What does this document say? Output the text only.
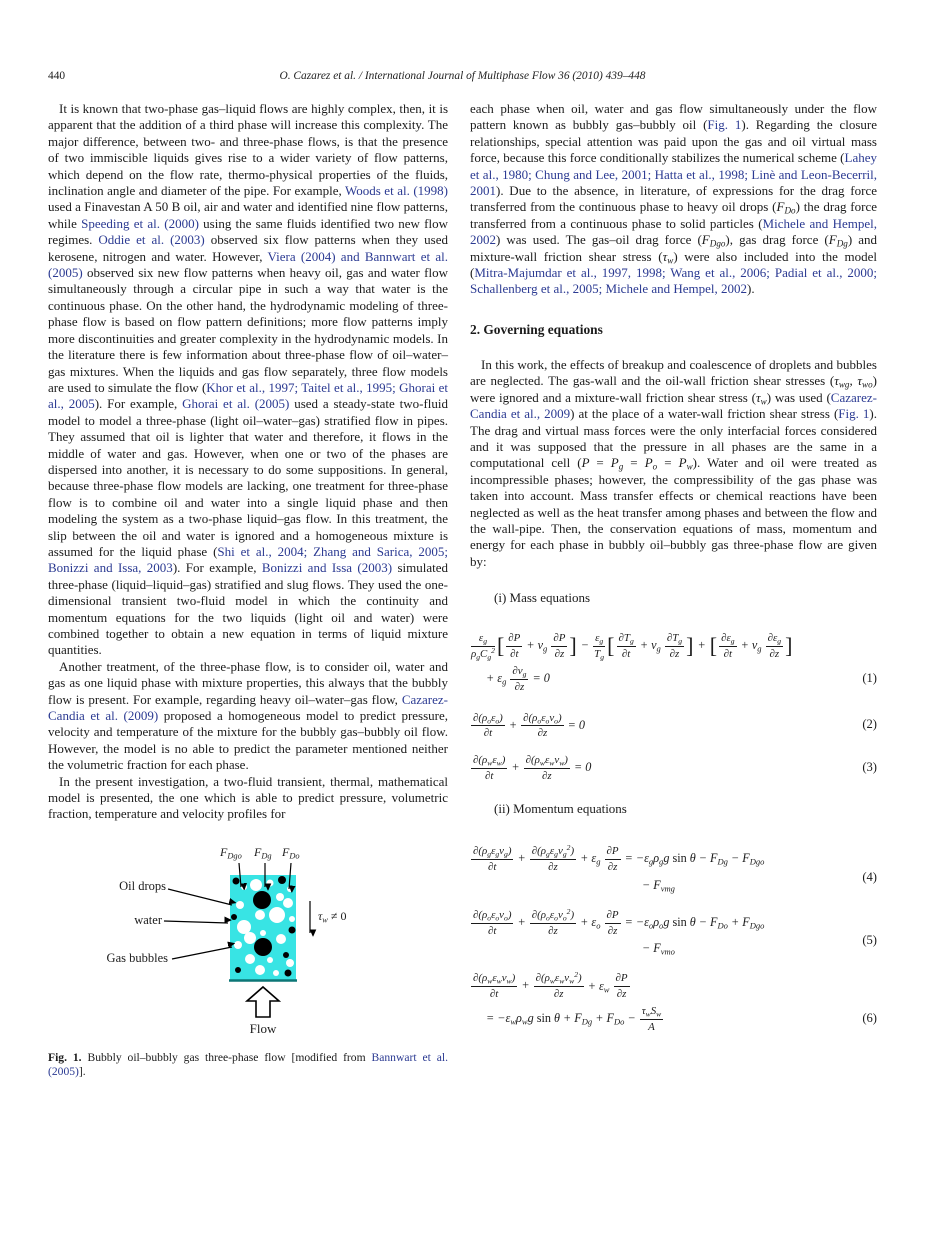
440	O. Cazarez et al. / International Journal of Multiphase Flow 36 (2010) 439–448

It is known that two-phase gas–liquid flows are highly complex, then, it is apparent that the addition of a third phase will increase this complexity. The major difference, between two- and three-phase flows, is that the presence of two immiscible liquids gives rise to a wider variety of flow patterns, which depend on the flow rate, thermo-physical properties of the fluids, inclination angle and diameter of the pipe. For example, Woods et al. (1998) used a Finavestan A 50 B oil, air and water and identified nine flow patterns, while Speeding et al. (2000) using the same fluids identified two new flow regimes. Oddie et al. (2003) observed six flow patterns when they used kerosene, nitrogen and water. However, Viera (2004) and Bannwart et al. (2005) observed six new flow patterns when heavy oil, gas and water flow simultaneously through a circular pipe in such a way that water is the continuous phase. On the other hand, the hydrodynamic modeling of three-phase flow is based on flow pattern definitions; more flow patterns imply more discontinuities and greater complexity in the hydrodynamic models. In the literature there is few information about three-phase flow of oil–water–gas mixtures. When the liquids and gas flow separately, three flow models are used to simulate the flow (Khor et al., 1997; Taitel et al., 1995; Ghorai et al., 2005). For example, Ghorai et al. (2005) used a steady-state two-fluid model to model a three-phase (light oil–water–gas) stratified flow in pipes. They assumed that oil is lighter that water and therefore, it flows in the middle of water and gas. However, when one or two of the phases are dispersed into another, it is necessary to do some suppositions. In general, because three-phase flow models are lacking, one treatment for three-phase flow is to combine oil and water into a single liquid phase and then modeling the system as a two-phase liquid–gas flow. In this treatment, the slip between the oil and water is ignored and a homogeneous mixture is assumed for the liquid phase (Shi et al., 2004; Zhang and Sarica, 2005; Bonizzi and Issa, 2003). For example, Bonizzi and Issa (2003) simulated three-phase (liquid–liquid–gas) stratified and slug flows. They used the one-dimensional transient two-fluid model in which the continuity and momentum equations for the two liquids (light oil and water) were combined together to obtain a new equation in terms of liquid mixture quantities.

Another treatment, of the three-phase flow, is to consider oil, water and gas as one liquid phase with mixture properties, this always that the bubbly flow is present. For example, regarding heavy oil–water–gas flow, Cazarez-Candia et al. (2009) proposed a homogeneous model to predict pressure, velocity and temperature of the mixture for the bubbly gas–bubbly oil flow. However, the model is no able to predict the parameter mentioned neither the volumetric fraction for each phase.

In the present investigation, a two-fluid transient, thermal, mathematical model is presented, the one which is able to predict pressure, volumetric fraction, temperature and velocity profiles for

$F_{Dgo}$ $F_{Dg}$ $F_{Do}$
$\tau_w \ne 0$
Oil drops
water
Gas bubbles
Flow
Fig. 1. Bubbly oil–bubbly gas three-phase flow [modified from Bannwart et al. (2005)].

each phase when oil, water and gas flow simultaneously under the flow pattern known as bubbly gas–bubbly oil (Fig. 1). Regarding the closure relationships, special attention was paid upon the gas and oil virtual mass force, because this force conditionally stabilizes the numerical scheme (Lahey et al., 1980; Chung and Lee, 2001; Hatta et al., 1998; Linè and Leon-Becerril, 2001). Due to the absence, in literature, of expressions for the drag force transferred from the continuous phase to heavy oil drops $(F_{Do})$ the drag force transferred from a continuous phase to solid particles (Michele and Hempel, 2002) was used. The gas–oil drag force $(F_{Dgo})$, gas drag force $(F_{Dg})$ and mixture-wall friction shear stress $(\tau_w)$ were also included into the model (Mitra-Majumdar et al., 1997, 1998; Wang et al., 2006; Padial et al., 2000; Schallenberg et al., 2005; Michele and Hempel, 2002).

2. Governing equations

In this work, the effects of breakup and coalescence of droplets and bubbles are neglected. The gas-wall and the oil-wall friction shear stresses ($\tau_{wg}$, $\tau_{wo}$) were ignored and a mixture-wall friction shear stress $(\tau_w)$ was used (Cazarez-Candia et al., 2009) at the place of a water-wall friction shear stress (Fig. 1). The drag and virtual mass forces were the only interfacial forces considered and it was supposed that the pressure in all phases are the same in a computational cell $(P = P_g = P_o = P_w)$. Water and oil were treated as incompressible phases; however, the compressibility of the gas phase was taken into account. Mass transfer effects or chemical reactions have been neglected as well as the heat transfer among phases and between the flow and the wall-pipe. Then, the conservation equations of mass, momentum and energy for each phase in bubbly oil–bubbly gas three-phase flow are given by:

(i) Mass equations
$\frac{\varepsilon_g}{\rho_gC_g^2}$ [ $\frac{\partial P}{\partial t} + v_g \frac{\partial P}{\partial z}$ ] − $\frac{\varepsilon_g}{T_g}$ [ $\frac{\partial T_g}{\partial t} + v_g \frac{\partial T_g}{\partial z}$ ] + [ $\frac{\partial\varepsilon_g}{\partial t} + v_g \frac{\partial\varepsilon_g}{\partial z}$ ]
+ $\varepsilon_g \frac{\partial v_g}{\partial z} = 0$	(1)
$\frac{\partial(\rho_o\varepsilon_o)}{\partial t} + \frac{\partial(\rho_o\varepsilon_ov_o)}{\partial z} = 0$	(2)
$\frac{\partial(\rho_w\varepsilon_w)}{\partial t} + \frac{\partial(\rho_w\varepsilon_wv_w)}{\partial z} = 0$	(3)
(ii) Momentum equations
$\frac{\partial(\rho_g\varepsilon_gv_g)}{\partial t} + \frac{\partial(\rho_g\varepsilon_gv_g^2)}{\partial z} + \varepsilon_g \frac{\partial P}{\partial z} = -\varepsilon_g\rho_gg$ $\sin \theta - F_{Dg} - F_{Dgo}$
− $F_{vmg}$
(4)
$\frac{\partial(\rho_o\varepsilon_ov_o)}{\partial t} + \frac{\partial(\rho_o\varepsilon_ov_o^2)}{\partial z} + \varepsilon_o \frac{\partial P}{\partial z} = -\varepsilon_o\rho_og$ $\sin \theta - F_{Do} + F_{Dgo}$
− $F_{vmo}$
(5)
$\frac{\partial(\rho_w\varepsilon_wv_w)}{\partial t} + \frac{\partial(\rho_w\varepsilon_wv_w^2)}{\partial z} + \varepsilon_w \frac{\partial P}{\partial z}$
= $-\varepsilon_w\rho_wg$ $\sin \theta + F_{Dg} + F_{Do} - \frac{\tau_wS_w}{A}$	(6)
